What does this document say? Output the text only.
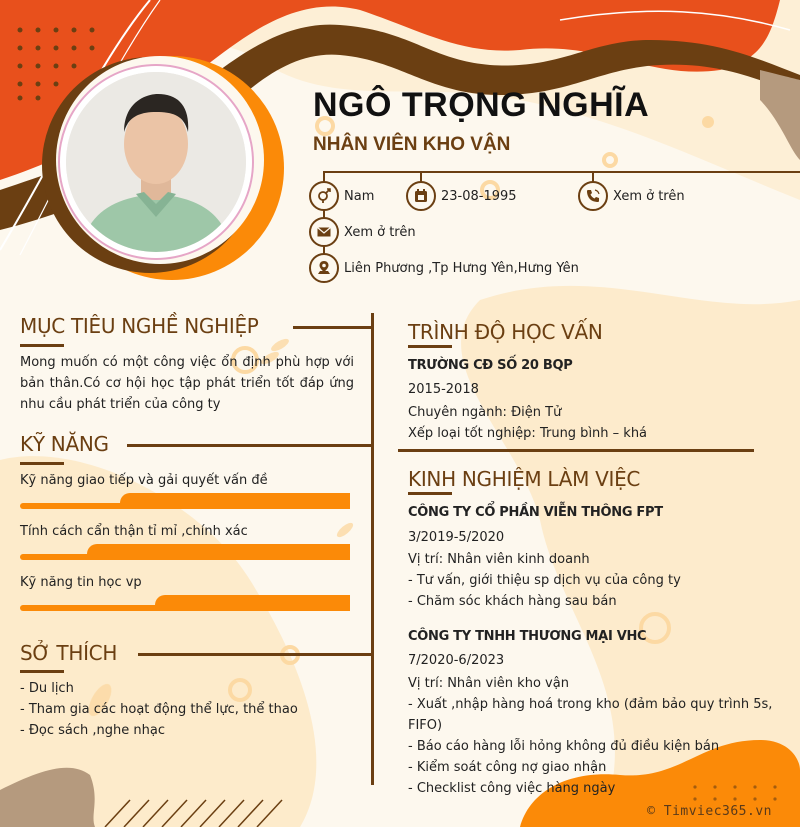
NGÔ TRỌNG NGHĨA
NHÂN VIÊN KHO VẬN
Nam	23-08-1995	Xem ở trên
Xem ở trên
Liên Phương ,Tp Hưng Yên,Hưng Yên
MỤC TIÊU NGHỀ NGHIỆP
Mong muốn có một công việc ổn định phù hợp với bản thân.Có cơ hội học tập phát triển tốt đáp ứng nhu cầu phát triển của công ty
KỸ NĂNG
Kỹ năng giao tiếp và gải quyết vấn đề
Tính cách cẩn thận tỉ mỉ ,chính xác
Kỹ năng tin học vp
SỞ THÍCH
- Du lịch
- Tham gia các hoạt động thể lực, thể thao
- Đọc sách ,nghe nhạc
TRÌNH ĐỘ HỌC VẤN
TRƯỜNG CĐ SỐ 20 BQP
2015-2018
Chuyên ngành: Điện Tử
Xếp loại tốt nghiệp: Trung bình – khá
KINH NGHIỆM LÀM VIỆC
CÔNG TY CỔ PHẦN VIỄN THÔNG FPT
3/2019-5/2020
Vị trí: Nhân viên kinh doanh
- Tư vấn, giới thiệu sp dịch vụ của công ty
- Chăm sóc khách hàng sau bán
CÔNG TY TNHH THƯƠNG MẠI VHC
7/2020-6/2023
Vị trí: Nhân viên kho vận
- Xuất ,nhập hàng hoá trong kho (đảm bảo quy trình 5s,
FIFO)
- Báo cáo hàng lỗi hỏng không đủ điều kiện bán
- Kiểm soát công nợ giao nhận
- Checklist công việc hàng ngày
© Timviec365.vn
